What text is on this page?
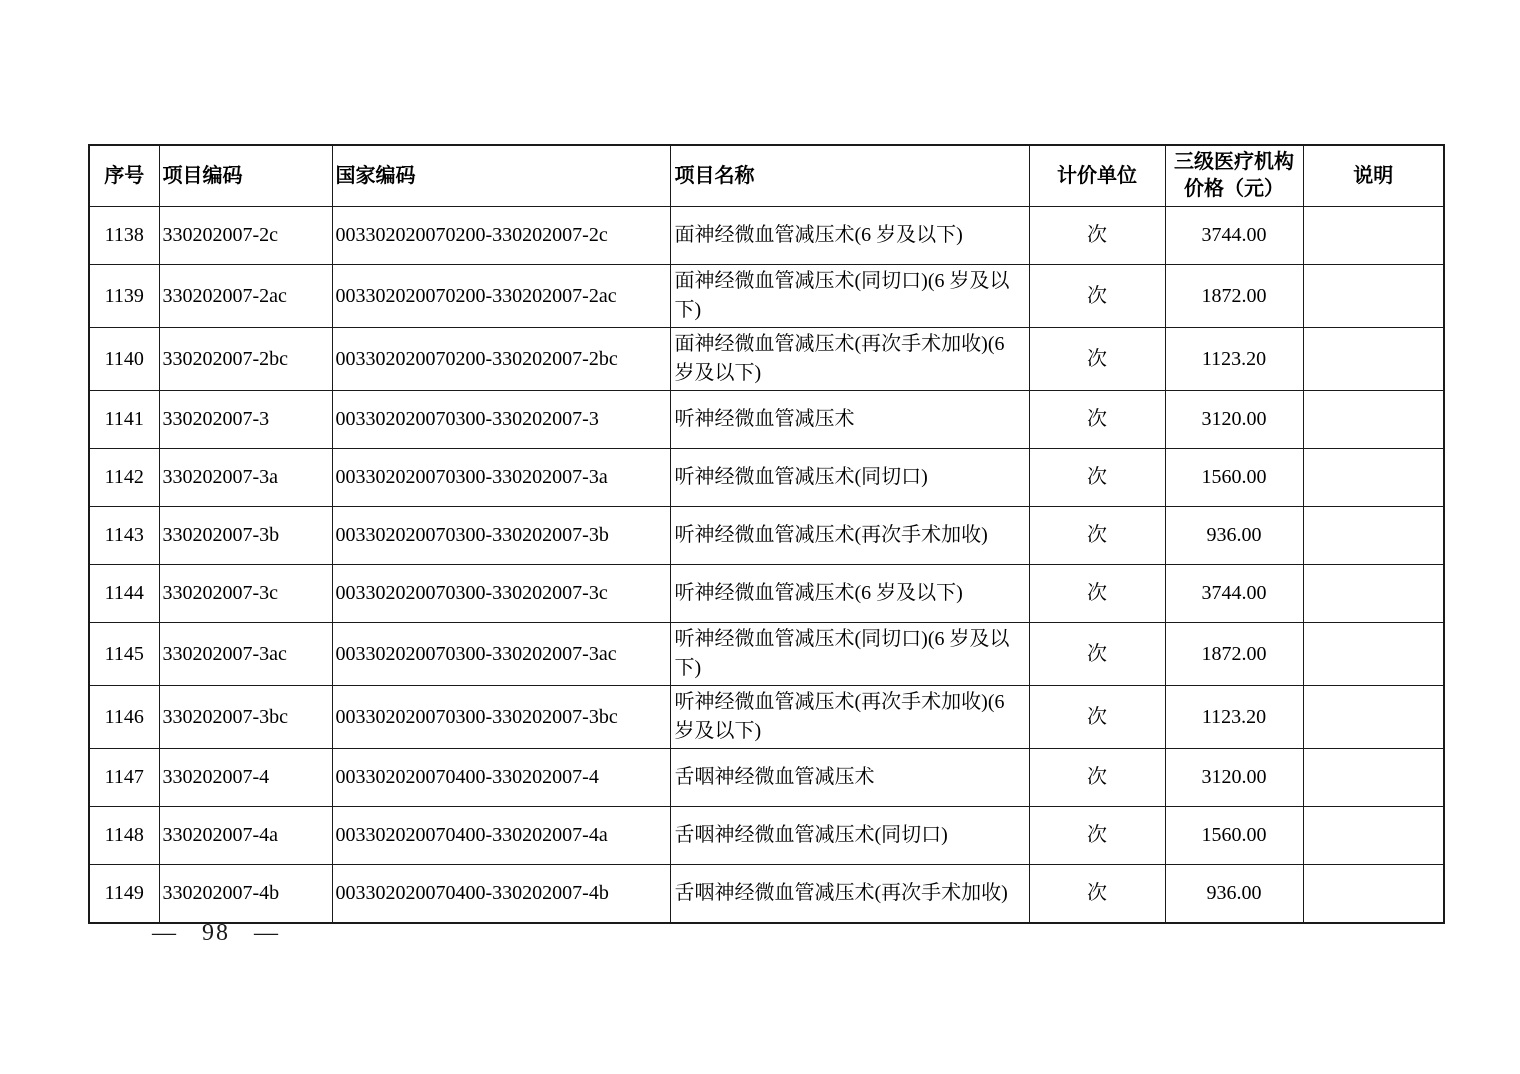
序号	项目编码	国家编码	项目名称	计价单位	三级医疗机构价格（元）	说明
1138	330202007-2c	003302020070200-330202007-2c	面神经微血管减压术(6 岁及以下)	次	3744.00	
1139	330202007-2ac	003302020070200-330202007-2ac	面神经微血管减压术(同切口)(6 岁及以下)	次	1872.00	
1140	330202007-2bc	003302020070200-330202007-2bc	面神经微血管减压术(再次手术加收)(6 岁及以下)	次	1123.20	
1141	330202007-3	003302020070300-330202007-3	听神经微血管减压术	次	3120.00	
1142	330202007-3a	003302020070300-330202007-3a	听神经微血管减压术(同切口)	次	1560.00	
1143	330202007-3b	003302020070300-330202007-3b	听神经微血管减压术(再次手术加收)	次	936.00	
1144	330202007-3c	003302020070300-330202007-3c	听神经微血管减压术(6 岁及以下)	次	3744.00	
1145	330202007-3ac	003302020070300-330202007-3ac	听神经微血管减压术(同切口)(6 岁及以下)	次	1872.00	
1146	330202007-3bc	003302020070300-330202007-3bc	听神经微血管减压术(再次手术加收)(6 岁及以下)	次	1123.20	
1147	330202007-4	003302020070400-330202007-4	舌咽神经微血管减压术	次	3120.00	
1148	330202007-4a	003302020070400-330202007-4a	舌咽神经微血管减压术(同切口)	次	1560.00	
1149	330202007-4b	003302020070400-330202007-4b	舌咽神经微血管减压术(再次手术加收)	次	936.00	
— 98 —
